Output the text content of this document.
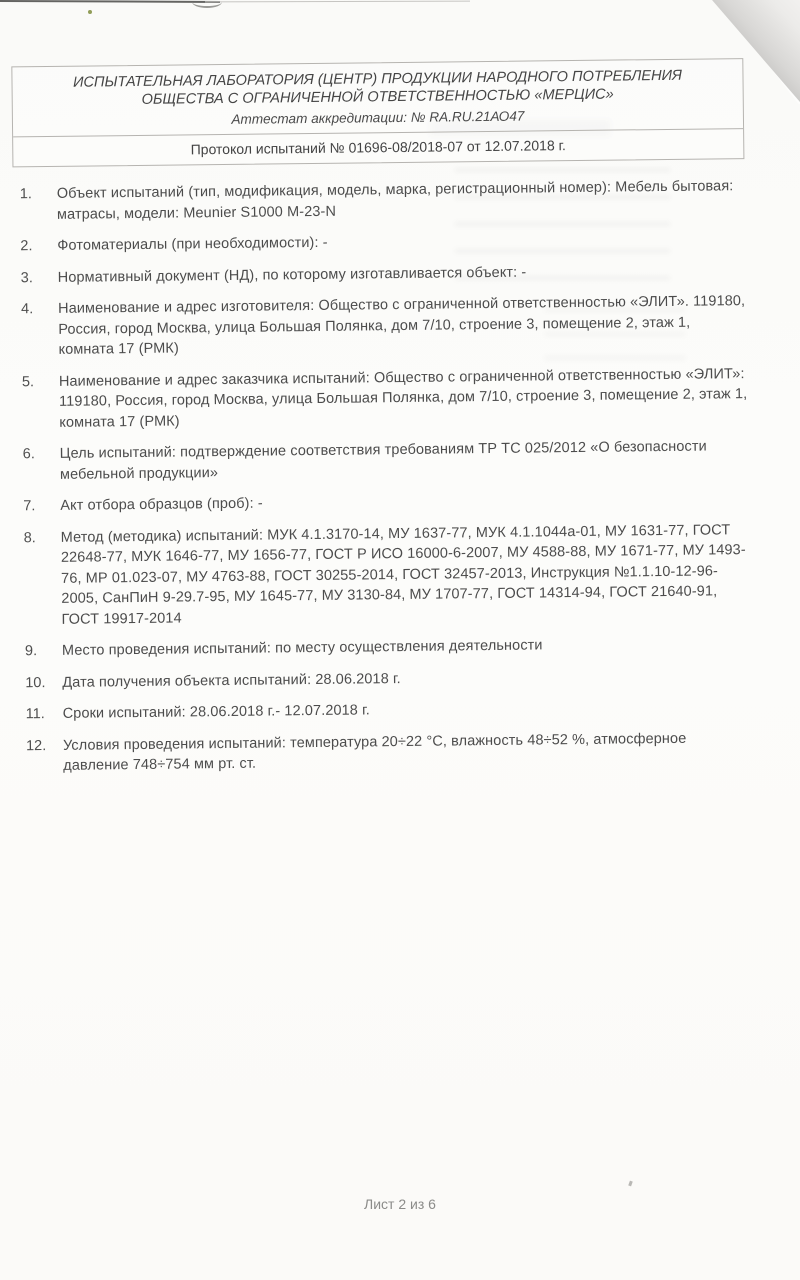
ИСПЫТАТЕЛЬНАЯ ЛАБОРАТОРИЯ (ЦЕНТР) ПРОДУКЦИИ НАРОДНОГО ПОТРЕБЛЕНИЯ
ОБЩЕСТВА С ОГРАНИЧЕННОЙ ОТВЕТСТВЕННОСТЬЮ «МЕРЦИС»
Аттестат аккредитации: № RA.RU.21АО47
Протокол испытаний № 01696-08/2018-07 от 12.07.2018 г.
1.	Объект испытаний (тип, модификация, модель, марка, регистрационный номер): Мебель бытовая: матрасы, модели: Meunier S1000 M-23-N
2.	Фотоматериалы (при необходимости): -
3.	Нормативный документ (НД), по которому изготавливается объект: -
4.	Наименование и адрес изготовителя: Общество с ограниченной ответственностью «ЭЛИТ». 119180, Россия, город Москва, улица Большая Полянка, дом 7/10, строение 3, помещение 2, этаж 1, комната 17 (РМК)
5.	Наименование и адрес заказчика испытаний: Общество с ограниченной ответственностью «ЭЛИТ»: 119180, Россия, город Москва, улица Большая Полянка, дом 7/10, строение 3, помещение 2, этаж 1, комната 17 (РМК)
6.	Цель испытаний: подтверждение соответствия требованиям ТР ТС 025/2012 «О безопасности мебельной продукции»
7.	Акт отбора образцов (проб): -
8.	Метод (методика) испытаний: МУК 4.1.3170-14, МУ 1637-77, МУК 4.1.1044а-01, МУ 1631-77, ГОСТ 22648-77, МУК 1646-77, МУ 1656-77, ГОСТ Р ИСО 16000-6-2007, МУ 4588-88, МУ 1671-77, МУ 1493-76, МР 01.023-07, МУ 4763-88, ГОСТ 30255-2014, ГОСТ 32457-2013, Инструкция №1.1.10-12-96-2005, СанПиН 9-29.7-95, МУ 1645-77, МУ 3130-84, МУ 1707-77, ГОСТ 14314-94, ГОСТ 21640-91, ГОСТ 19917-2014
9.	Место проведения испытаний: по месту осуществления деятельности
10.	Дата получения объекта испытаний: 28.06.2018 г.
11.	Сроки испытаний: 28.06.2018 г.- 12.07.2018 г.
12.	Условия проведения испытаний: температура 20÷22 °С, влажность 48÷52 %, атмосферное давление 748÷754 мм рт. ст.
Лист 2 из 6
